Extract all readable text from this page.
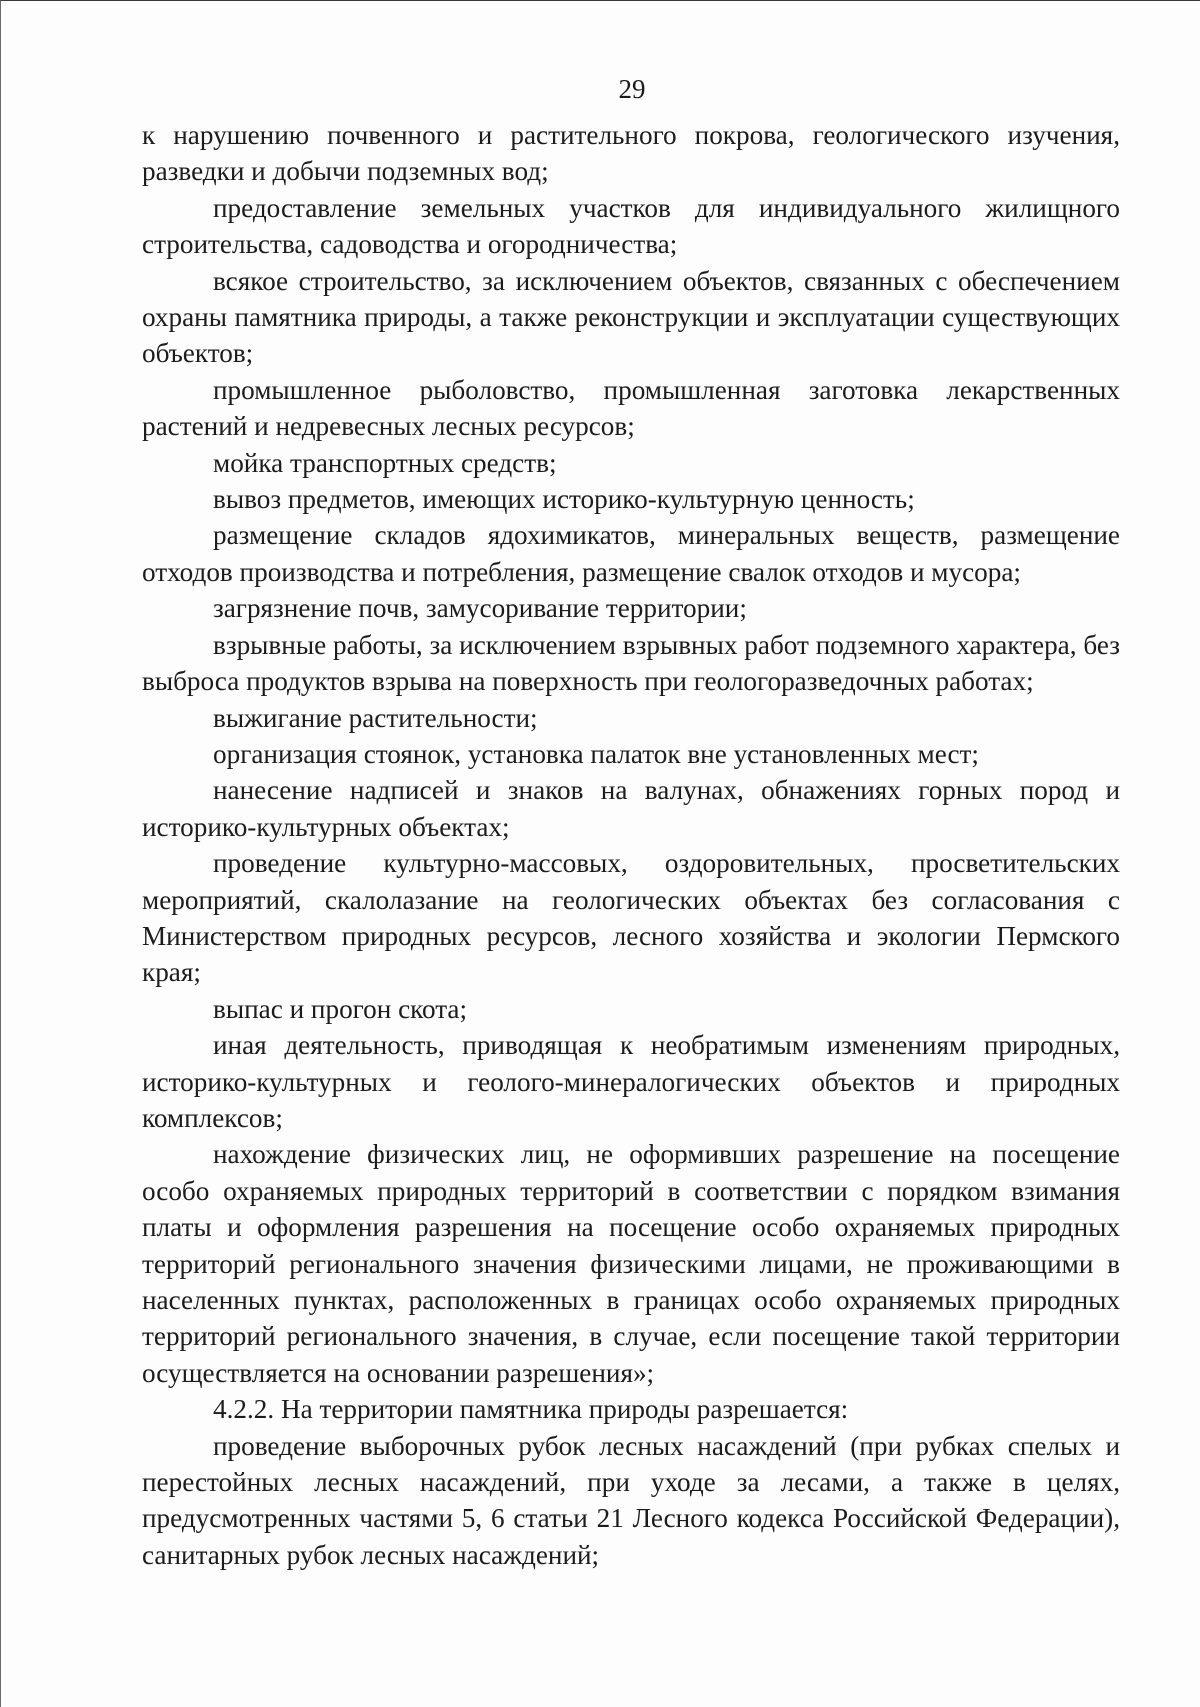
29

к нарушению почвенного и растительного покрова, геологического изучения, разведки и добычи подземных вод;

предоставление земельных участков для индивидуального жилищного строительства, садоводства и огородничества;

всякое строительство, за исключением объектов, связанных с обеспечением охраны памятника природы, а также реконструкции и эксплуатации существующих объектов;

промышленное рыболовство, промышленная заготовка лекарственных растений и недревесных лесных ресурсов;

мойка транспортных средств;

вывоз предметов, имеющих историко-культурную ценность;

размещение складов ядохимикатов, минеральных веществ, размещение отходов производства и потребления, размещение свалок отходов и мусора;

загрязнение почв, замусоривание территории;

взрывные работы, за исключением взрывных работ подземного характера, без выброса продуктов взрыва на поверхность при геологоразведочных работах;

выжигание растительности;

организация стоянок, установка палаток вне установленных мест;

нанесение надписей и знаков на валунах, обнажениях горных пород и историко-культурных объектах;

проведение культурно-массовых, оздоровительных, просветительских мероприятий, скалолазание на геологических объектах без согласования с Министерством природных ресурсов, лесного хозяйства и экологии Пермского края;

выпас и прогон скота;

иная деятельность, приводящая к необратимым изменениям природных, историко-культурных и геолого-минералогических объектов и природных комплексов;

нахождение физических лиц, не оформивших разрешение на посещение особо охраняемых природных территорий в соответствии с порядком взимания платы и оформления разрешения на посещение особо охраняемых природных территорий регионального значения физическими лицами, не проживающими в населенных пунктах, расположенных в границах особо охраняемых природных территорий регионального значения, в случае, если посещение такой территории осуществляется на основании разрешения»;

4.2.2. На территории памятника природы разрешается:

проведение выборочных рубок лесных насаждений (при рубках спелых и перестойных лесных насаждений, при уходе за лесами, а также в целях, предусмотренных частями 5, 6 статьи 21 Лесного кодекса Российской Федерации), санитарных рубок лесных насаждений;
